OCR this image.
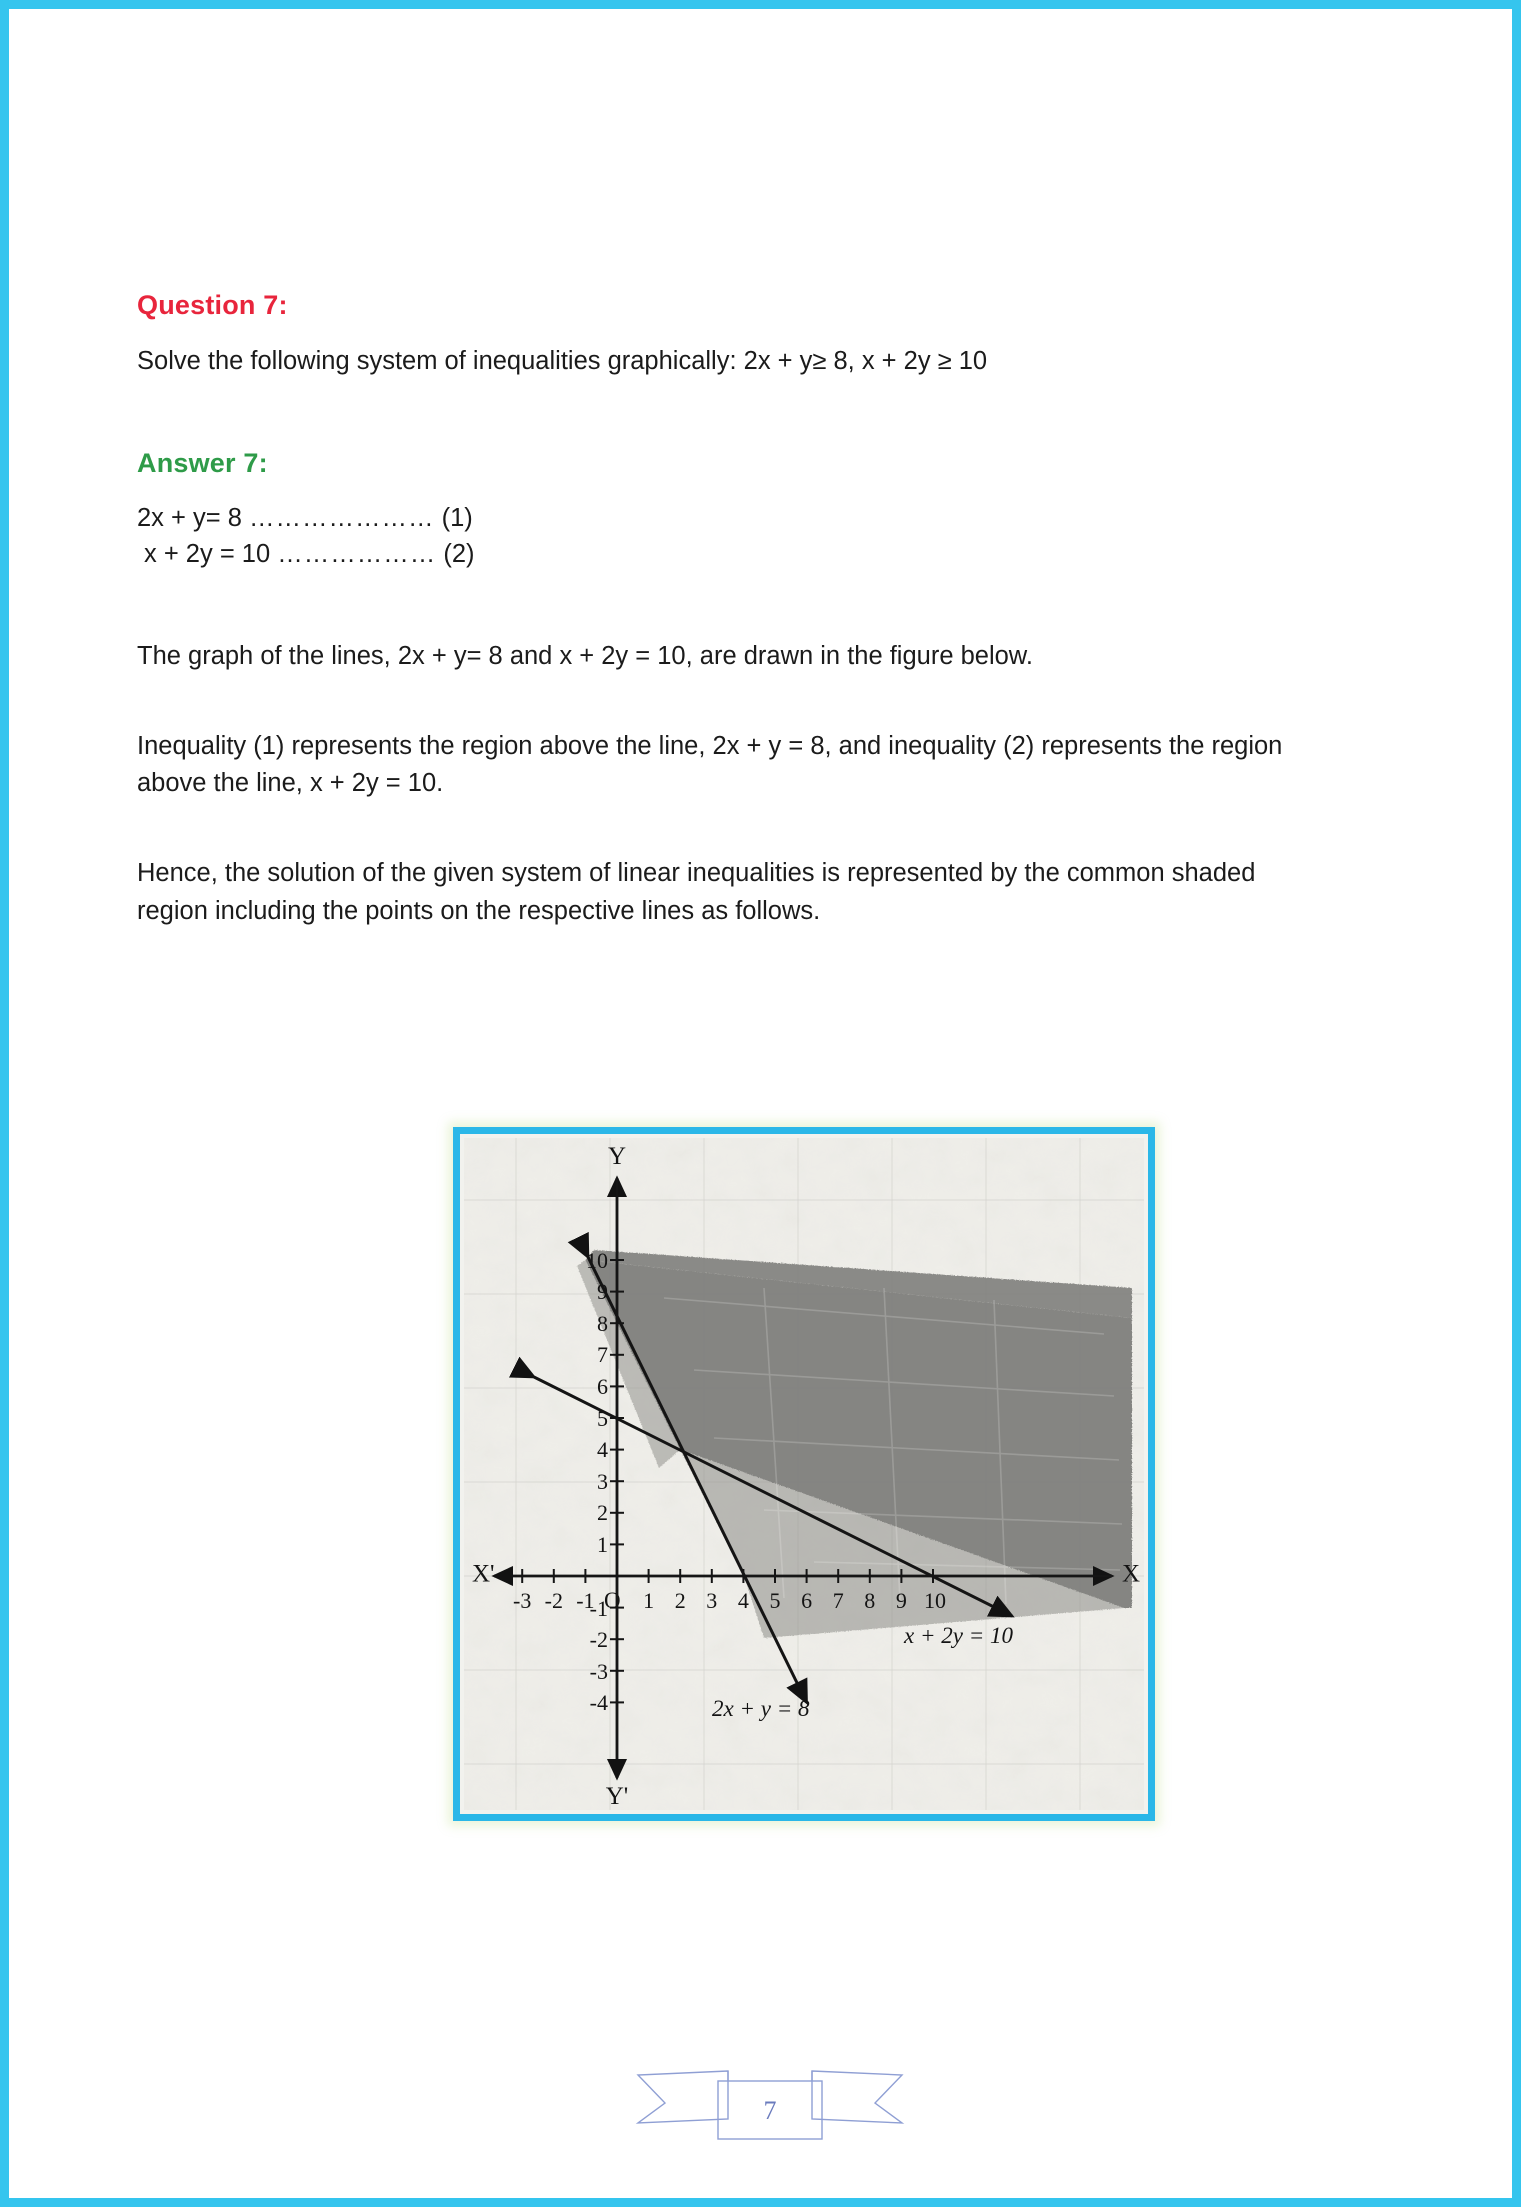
Question 7:
Solve the following system of inequalities graphically: 2x + y≥ 8, x + 2y ≥ 10
Answer 7:
2x + y= 8 ………………… (1)
x + 2y = 10 ……………… (2)
The graph of the lines, 2x + y= 8 and x + 2y = 10, are drawn in the figure below.
Inequality (1) represents the region above the line, 2x + y = 8, and inequality (2) represents the region above the line, x + 2y = 10.
Hence, the solution of the given system of linear inequalities is represented by the common shaded region including the points on the respective lines as follows.
X'	X
Y
Y'
O
-3 -2 -1 1 2 3 4 5 6 7 8 9 10
1
2
3
4
5
6
7
8
9
10
-1
-2
-3
-4
x + 2y = 10
2x + y = 8
7
